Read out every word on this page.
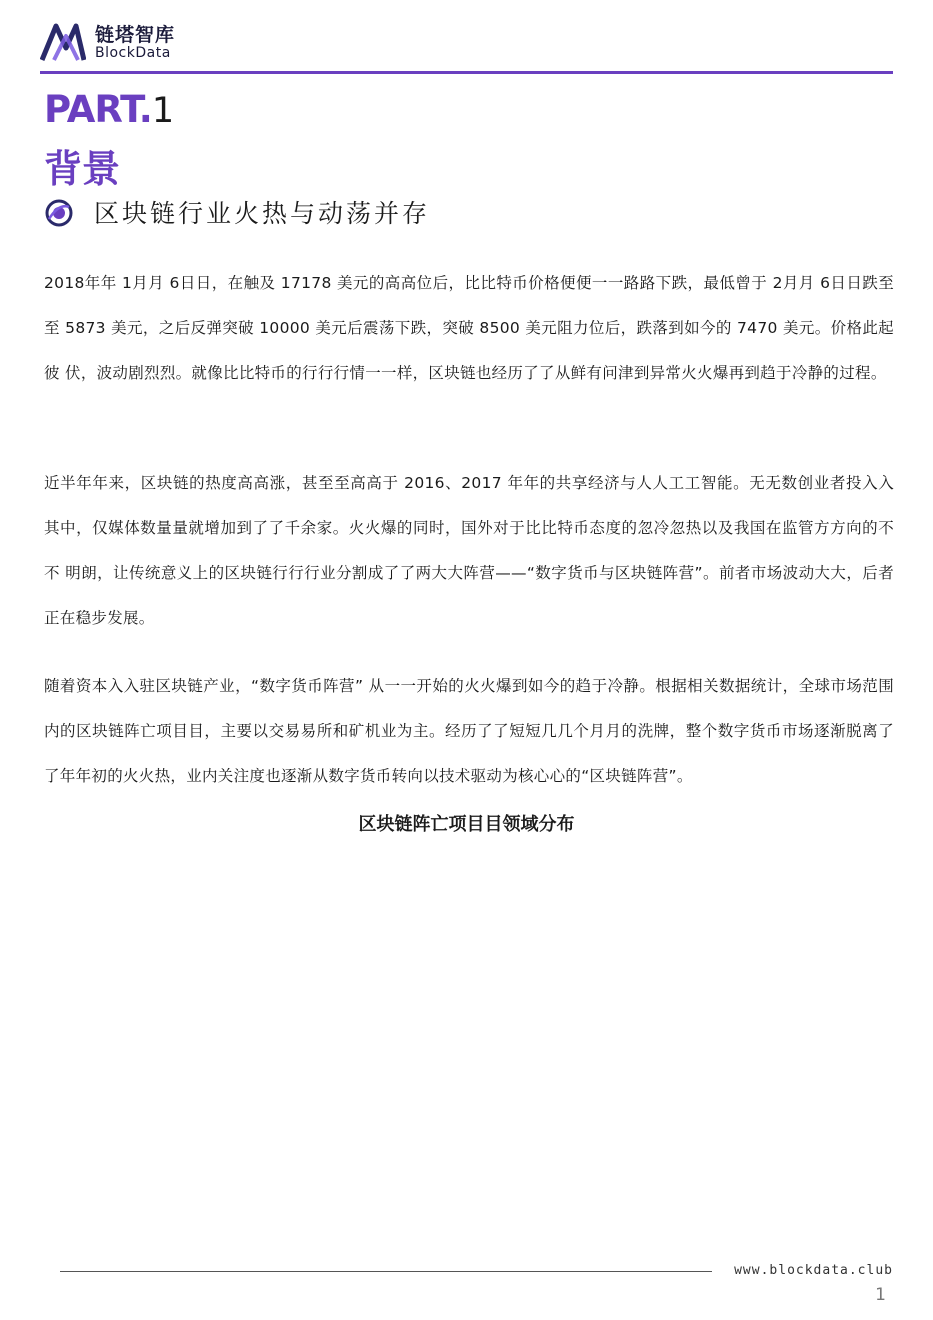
链塔智库
BlockData
PART.1
背景
区块链行业火热与动荡并存

2018年年 1月月 6日日，在触及 17178 美元的高高位后，比比特币价格便便一一路路下跌，最低曾于 2月月 6日日跌至至 5873 美元，之后反弹突破 10000 美元后震荡下跌，突破 8500 美元阻力位后，跌落到如今的 7470 美元。价格此起彼 伏，波动剧烈烈。就像比比特币的行行行情一一样，区块链也经历了了从鲜有问津到异常火火爆再到趋于冷静的过程。

近半年年来，区块链的热度高高涨，甚至至高高于 2016、2017 年年的共享经济与人人工工智能。无无数创业者投入入其中，仅媒体数量量就增加到了了千余家。火火爆的同时，国外对于比比特币态度的忽冷忽热以及我国在监管方方向的不不 明朗，让传统意义上的区块链行行行业分割成了了两大大阵营——“数字货币与区块链阵营”。前者市场波动大大，后者正在稳步发展。

随着资本入入驻区块链产业，“数字货币阵营” 从一一开始的火火爆到如今的趋于冷静。根据相关数据统计，全球市场范围内的区块链阵亡项目目，主要以交易易所和矿机业为主。经历了了短短几几个月月的洗牌，整个数字货币市场逐渐脱离了了年年初的火火热，业内关注度也逐渐从数字货币转向以技术驱动为核心心的“区块链阵营”。

区块链阵亡项目目领域分布
www.blockdata.club
1
